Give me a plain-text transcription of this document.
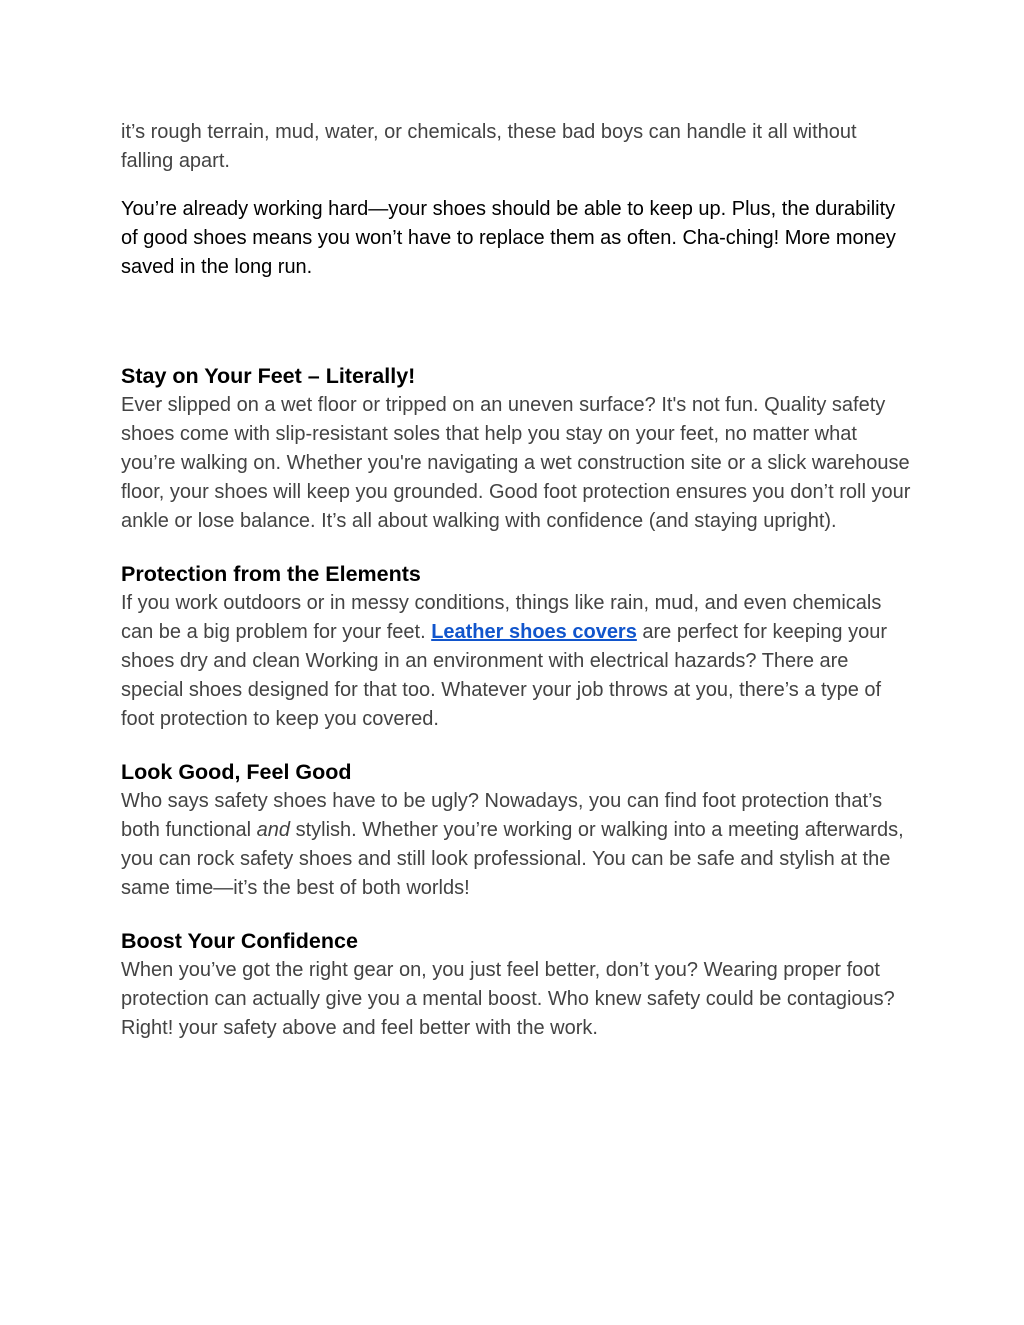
it’s rough terrain, mud, water, or chemicals, these bad boys can handle it all without falling apart.

You’re already working hard—your shoes should be able to keep up. Plus, the durability of good shoes means you won’t have to replace them as often. Cha-ching! More money saved in the long run.

Stay on Your Feet – Literally!

Ever slipped on a wet floor or tripped on an uneven surface? It's not fun. Quality safety shoes come with slip-resistant soles that help you stay on your feet, no matter what you’re walking on. Whether you're navigating a wet construction site or a slick warehouse floor, your shoes will keep you grounded. Good foot protection ensures you don’t roll your ankle or lose balance. It’s all about walking with confidence (and staying upright).

Protection from the Elements

If you work outdoors or in messy conditions, things like rain, mud, and even chemicals can be a big problem for your feet. Leather shoes covers are perfect for keeping your shoes dry and clean Working in an environment with electrical hazards? There are special shoes designed for that too. Whatever your job throws at you, there’s a type of foot protection to keep you covered.

Look Good, Feel Good

Who says safety shoes have to be ugly? Nowadays, you can find foot protection that’s both functional and stylish. Whether you’re working or walking into a meeting afterwards, you can rock safety shoes and still look professional. You can be safe and stylish at the same time—it’s the best of both worlds!

Boost Your Confidence

When you’ve got the right gear on, you just feel better, don’t you? Wearing proper foot protection can actually give you a mental boost. Who knew safety could be contagious? Right! your safety above and feel better with the work.
